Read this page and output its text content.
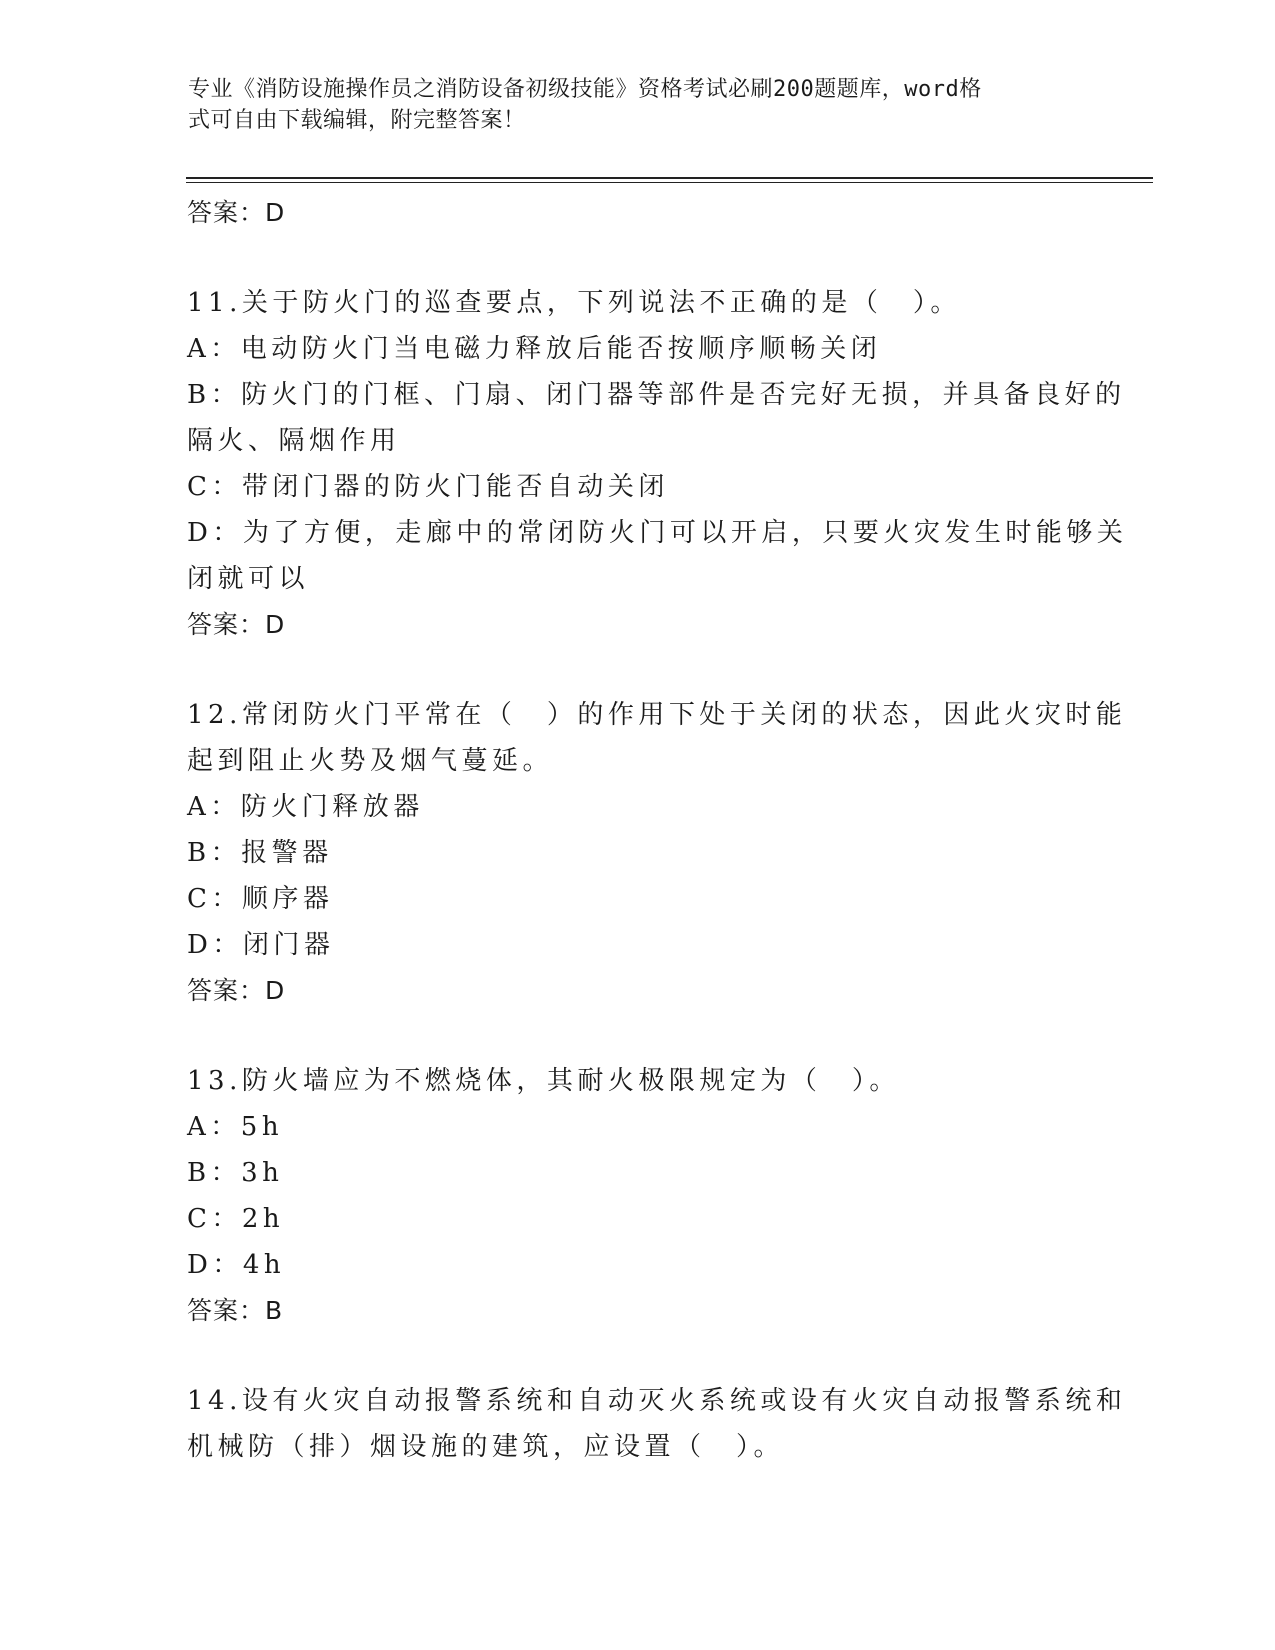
专业《消防设施操作员之消防设备初级技能》资格考试必刷200题题库，word格
式可自由下载编辑，附完整答案！
答案：D
11.关于防火门的巡查要点，下列说法不正确的是（　）。
A：电动防火门当电磁力释放后能否按顺序顺畅关闭
B：防火门的门框、门扇、闭门器等部件是否完好无损，并具备良好的
隔火、隔烟作用
C：带闭门器的防火门能否自动关闭
D：为了方便，走廊中的常闭防火门可以开启，只要火灾发生时能够关
闭就可以
答案：D
12.常闭防火门平常在（　）的作用下处于关闭的状态，因此火灾时能
起到阻止火势及烟气蔓延。
A：防火门释放器
B：报警器
C：顺序器
D：闭门器
答案：D
13.防火墙应为不燃烧体，其耐火极限规定为（　）。
A：5h
B：3h
C：2h
D：4h
答案：B
14.设有火灾自动报警系统和自动灭火系统或设有火灾自动报警系统和
机械防（排）烟设施的建筑，应设置（　）。
